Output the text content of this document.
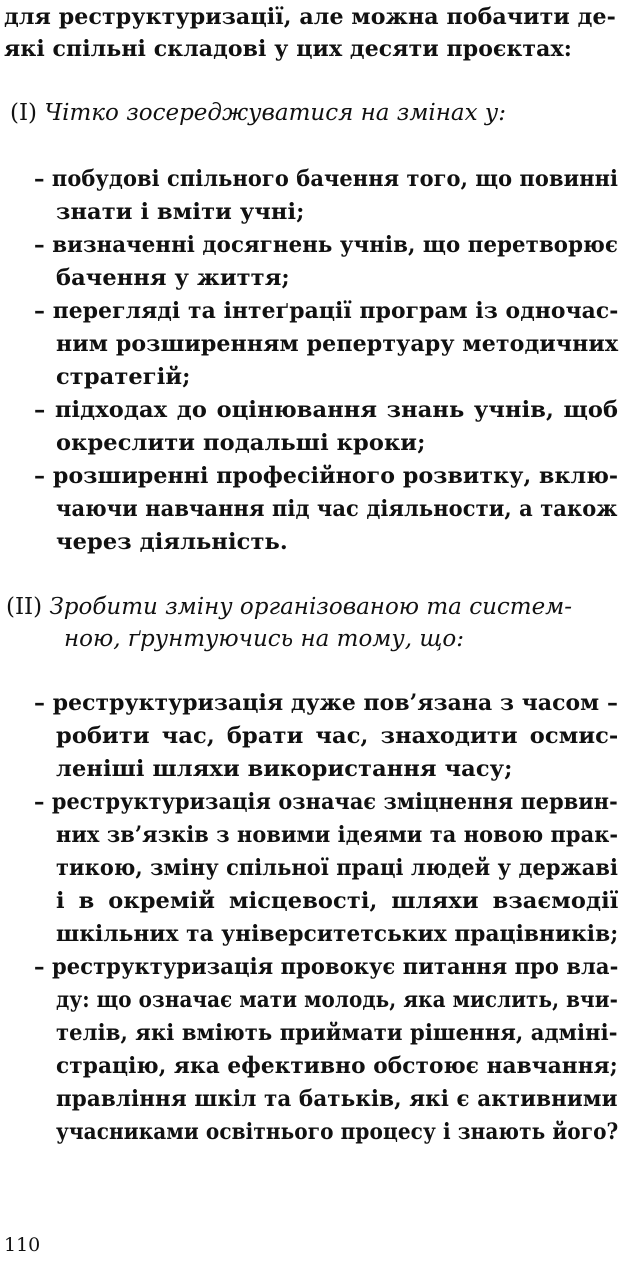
для реструктуризації, але можна побачити де-
які спільні складові у цих десяти проєктах:
(I) Чітко зосереджуватися на змінах у:
– побудові спільного бачення того, що повинні
знати і вміти учні;
– визначенні досягнень учнів, що перетворює
бачення у життя;
– перегляді та інтеґрації програм із одночас-
ним розширенням репертуару методичних
стратегій;
– підходах до оцінювання знань учнів, щоб
окреслити подальші кроки;
– розширенні професійного розвитку, вклю-
чаючи навчання під час діяльности, а також
через діяльність.
(II) Зробити зміну організованою та систем-
ною, ґрунтуючись на тому, що:
– реструктуризація дуже пов’язана з часом –
робити час, брати час, знаходити осмис-
леніші шляхи використання часу;
– реструктуризація означає зміцнення первин-
них зв’язків з новими ідеями та новою прак-
тикою, зміну спільної праці людей у державі
і в окремій місцевості, шляхи взаємодії
шкільних та університетських працівників;
– реструктуризація провокує питання про вла-
ду: що означає мати молодь, яка мислить, вчи-
телів, які вміють приймати рішення, адміні-
страцію, яка ефективно обстоює навчання;
правління шкіл та батьків, які є активними
учасниками освітнього процесу і знають його?
110
